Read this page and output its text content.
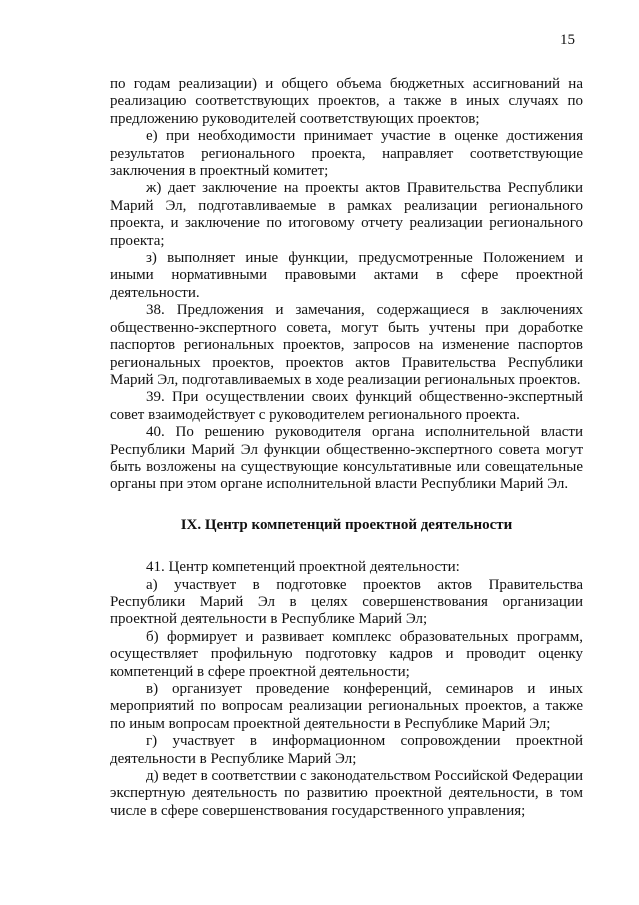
15

по годам реализации) и общего объема бюджетных ассигнований на реализацию соответствующих проектов, а также в иных случаях по предложению руководителей соответствующих проектов;

е) при необходимости принимает участие в оценке достижения результатов регионального проекта, направляет соответствующие заключения в проектный комитет;

ж) дает заключение на проекты актов Правительства Республики Марий Эл, подготавливаемые в рамках реализации регионального проекта, и заключение по итоговому отчету реализации регионального проекта;

з) выполняет иные функции, предусмотренные Положением и иными нормативными правовыми актами в сфере проектной деятельности.

38. Предложения и замечания, содержащиеся в заключениях общественно-экспертного совета, могут быть учтены при доработке паспортов региональных проектов, запросов на изменение паспортов региональных проектов, проектов актов Правительства Республики Марий Эл, подготавливаемых в ходе реализации региональных проектов.

39. При осуществлении своих функций общественно-экспертный совет взаимодействует с руководителем регионального проекта.

40. По решению руководителя органа исполнительной власти Республики Марий Эл функции общественно-экспертного совета могут быть возложены на существующие консультативные или совещательные органы при этом органе исполнительной власти Республики Марий Эл.

IX. Центр компетенций проектной деятельности

41. Центр компетенций проектной деятельности:

а) участвует в подготовке проектов актов Правительства Республики Марий Эл в целях совершенствования организации проектной деятельности в Республике Марий Эл;

б) формирует и развивает комплекс образовательных программ, осуществляет профильную подготовку кадров и проводит оценку компетенций в сфере проектной деятельности;

в) организует проведение конференций, семинаров и иных мероприятий по вопросам реализации региональных проектов, а также по иным вопросам проектной деятельности в Республике Марий Эл;

г) участвует в информационном сопровождении проектной деятельности в Республике Марий Эл;

д) ведет в соответствии с законодательством Российской Федерации экспертную деятельность по развитию проектной деятельности, в том числе в сфере совершенствования государственного управления;
